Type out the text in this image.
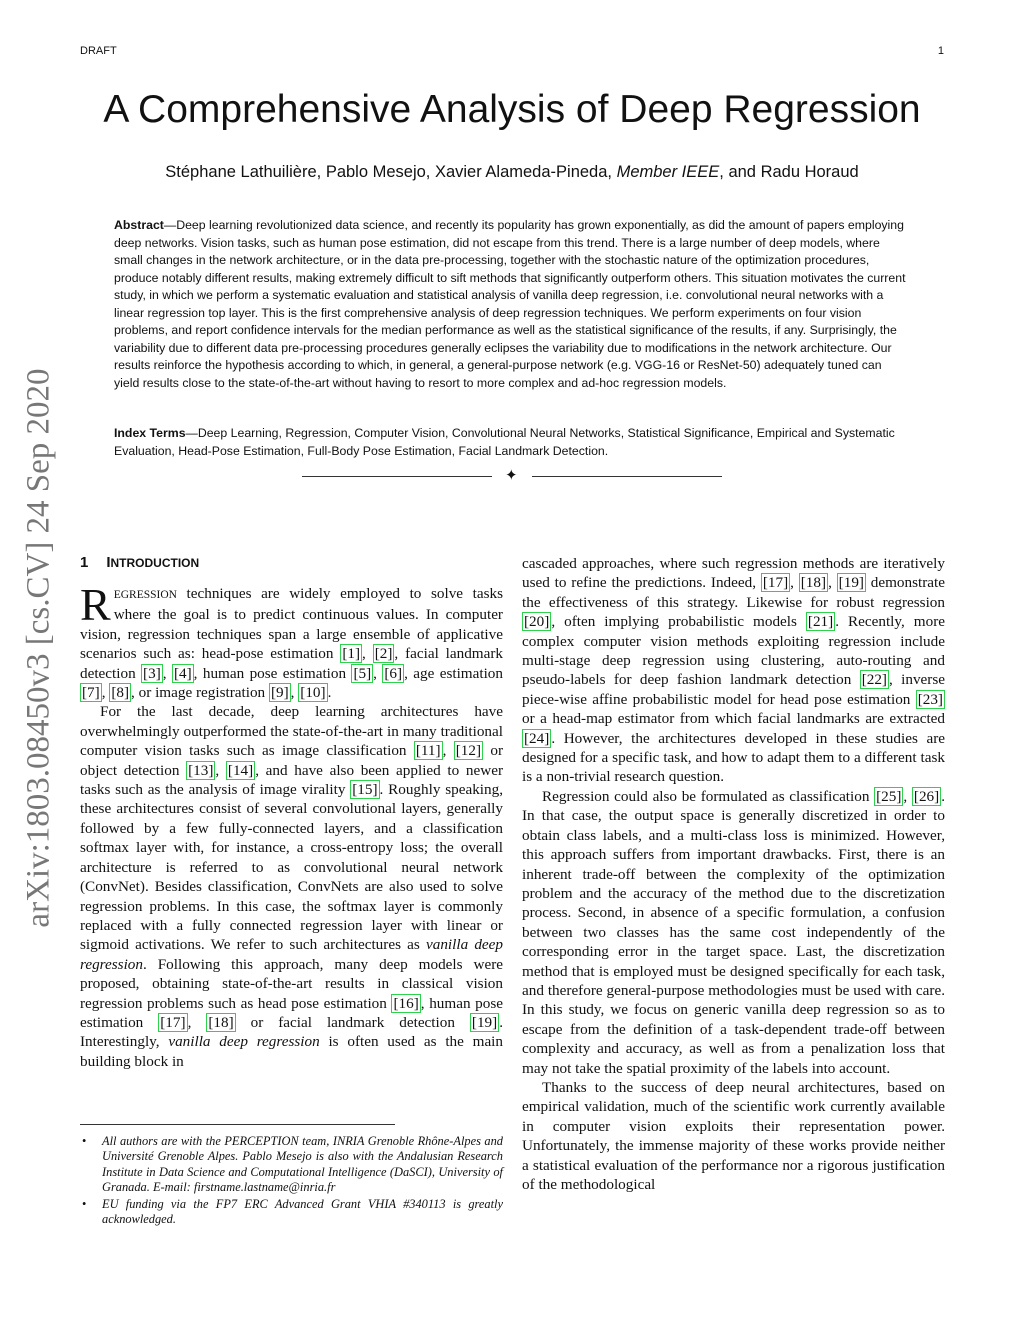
DRAFT	1
arXiv:1803.08450v3 [cs.CV] 24 Sep 2020
A Comprehensive Analysis of Deep Regression
Stéphane Lathuilière, Pablo Mesejo, Xavier Alameda-Pineda, Member IEEE, and Radu Horaud
Abstract—Deep learning revolutionized data science, and recently its popularity has grown exponentially, as did the amount of papers employing deep networks. Vision tasks, such as human pose estimation, did not escape from this trend. There is a large number of deep models, where small changes in the network architecture, or in the data pre-processing, together with the stochastic nature of the optimization procedures, produce notably different results, making extremely difficult to sift methods that significantly outperform others. This situation motivates the current study, in which we perform a systematic evaluation and statistical analysis of vanilla deep regression, i.e. convolutional neural networks with a linear regression top layer. This is the first comprehensive analysis of deep regression techniques. We perform experiments on four vision problems, and report confidence intervals for the median performance as well as the statistical significance of the results, if any. Surprisingly, the variability due to different data pre-processing procedures generally eclipses the variability due to modifications in the network architecture. Our results reinforce the hypothesis according to which, in general, a general-purpose network (e.g. VGG-16 or ResNet-50) adequately tuned can yield results close to the state-of-the-art without having to resort to more complex and ad-hoc regression models.
Index Terms—Deep Learning, Regression, Computer Vision, Convolutional Neural Networks, Statistical Significance, Empirical and Systematic Evaluation, Head-Pose Estimation, Full-Body Pose Estimation, Facial Landmark Detection.
✦
1 INTRODUCTION

REGRESSION techniques are widely employed to solve tasks where the goal is to predict continuous values. In computer vision, regression techniques span a large ensemble of applicative scenarios such as: head-pose estimation [1] , [2] , facial landmark detection [3] , [4] , human pose estimation [5] , [6] , age estimation [7] , [8] , or image registration [9] , [10] .

For the last decade, deep learning architectures have overwhelmingly outperformed the state-of-the-art in many traditional computer vision tasks such as image classification [11] , [12] or object detection [13] , [14] , and have also been applied to newer tasks such as the analysis of image virality [15] . Roughly speaking, these architectures consist of several convolutional layers, generally followed by a few fully-connected layers, and a classification softmax layer with, for instance, a cross-entropy loss; the overall architecture is referred to as convolutional neural network (ConvNet). Besides classification, ConvNets are also used to solve regression problems. In this case, the softmax layer is commonly replaced with a fully connected regression layer with linear or sigmoid activations. We refer to such architectures as vanilla deep regression. Following this approach, many deep models were proposed, obtaining state-of-the-art results in classical vision regression problems such as head pose estimation [16] , human pose estimation [17] , [18] or facial landmark detection [19] . Interestingly, vanilla deep regression is often used as the main building block in

• All authors are with the PERCEPTION team, INRIA Grenoble Rhône-Alpes and Université Grenoble Alpes. Pablo Mesejo is also with the Andalusian Research Institute in Data Science and Computational Intelligence (DaSCI), University of Granada. E-mail: firstname.lastname@inria.fr
• EU funding via the FP7 ERC Advanced Grant VHIA #340113 is greatly acknowledged.

cascaded approaches, where such regression methods are iteratively used to refine the predictions. Indeed, [17] , [18] , [19] demonstrate the effectiveness of this strategy. Likewise for robust regression [20] , often implying probabilistic models [21] . Recently, more complex computer vision methods exploiting regression include multi-stage deep regression using clustering, auto-routing and pseudo-labels for deep fashion landmark detection [22] , inverse piece-wise affine probabilistic model for head pose estimation [23] or a head-map estimator from which facial landmarks are extracted [24] . However, the architectures developed in these studies are designed for a specific task, and how to adapt them to a different task is a non-trivial research question.

Regression could also be formulated as classification [25] , [26] . In that case, the output space is generally discretized in order to obtain class labels, and a multi-class loss is minimized. However, this approach suffers from important drawbacks. First, there is an inherent trade-off between the complexity of the optimization problem and the accuracy of the method due to the discretization process. Second, in absence of a specific formulation, a confusion between two classes has the same cost independently of the corresponding error in the target space. Last, the discretization method that is employed must be designed specifically for each task, and therefore general-purpose methodologies must be used with care. In this study, we focus on generic vanilla deep regression so as to escape from the definition of a task-dependent trade-off between complexity and accuracy, as well as from a penalization loss that may not take the spatial proximity of the labels into account.

Thanks to the success of deep neural architectures, based on empirical validation, much of the scientific work currently available in computer vision exploits their representation power. Unfortunately, the immense majority of these works provide neither a statistical evaluation of the performance nor a rigorous justification of the methodological
